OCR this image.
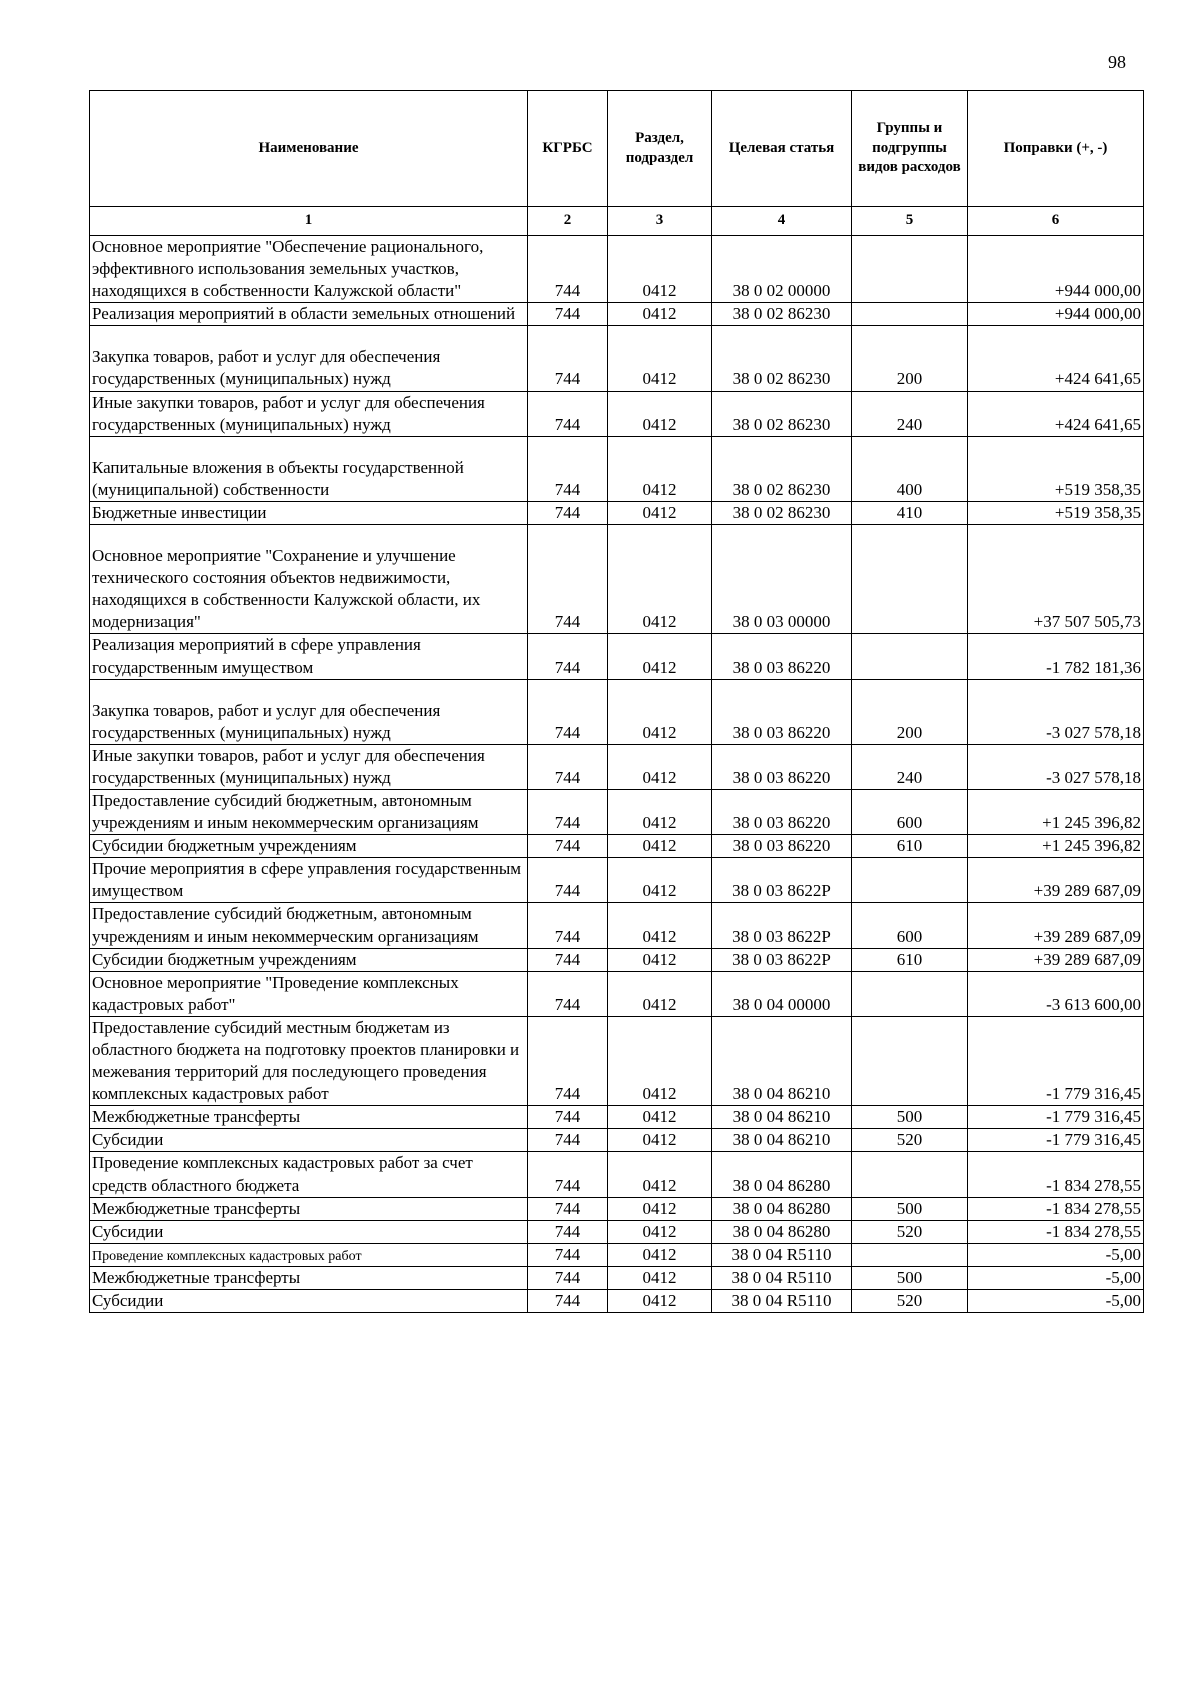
98
Наименование	КГРБС	Раздел, подраздел	Целевая статья	Группы и подгруппы видов расходов	Поправки (+, -)
1	2	3	4	5	6
Основное мероприятие "Обеспечение рационального, эффективного использования земельных участков, находящихся в собственности Калужской области"	744	0412	38 0 02 00000		+944 000,00
Реализация мероприятий в области земельных отношений	744	0412	38 0 02 86230		+944 000,00
Закупка товаров, работ и услуг для обеспечения государственных (муниципальных) нужд	744	0412	38 0 02 86230	200	+424 641,65
Иные закупки товаров, работ и услуг для обеспечения государственных (муниципальных) нужд	744	0412	38 0 02 86230	240	+424 641,65
Капитальные вложения в объекты государственной (муниципальной) собственности	744	0412	38 0 02 86230	400	+519 358,35
Бюджетные инвестиции	744	0412	38 0 02 86230	410	+519 358,35
Основное мероприятие "Сохранение и улучшение технического состояния объектов недвижимости, находящихся в собственности Калужской области, их модернизация"	744	0412	38 0 03 00000		+37 507 505,73
Реализация мероприятий в сфере управления государственным имуществом	744	0412	38 0 03 86220		-1 782 181,36
Закупка товаров, работ и услуг для обеспечения государственных (муниципальных) нужд	744	0412	38 0 03 86220	200	-3 027 578,18
Иные закупки товаров, работ и услуг для обеспечения государственных (муниципальных) нужд	744	0412	38 0 03 86220	240	-3 027 578,18
Предоставление субсидий бюджетным, автономным учреждениям и иным некоммерческим организациям	744	0412	38 0 03 86220	600	+1 245 396,82
Субсидии бюджетным учреждениям	744	0412	38 0 03 86220	610	+1 245 396,82
Прочие мероприятия в сфере управления государственным имуществом	744	0412	38 0 03 8622Р		+39 289 687,09
Предоставление субсидий бюджетным, автономным учреждениям и иным некоммерческим организациям	744	0412	38 0 03 8622Р	600	+39 289 687,09
Субсидии бюджетным учреждениям	744	0412	38 0 03 8622Р	610	+39 289 687,09
Основное мероприятие "Проведение комплексных кадастровых работ"	744	0412	38 0 04 00000		-3 613 600,00
Предоставление субсидий местным бюджетам из областного бюджета на подготовку проектов планировки и межевания территорий для последующего проведения комплексных кадастровых работ	744	0412	38 0 04 86210		-1 779 316,45
Межбюджетные трансферты	744	0412	38 0 04 86210	500	-1 779 316,45
Субсидии	744	0412	38 0 04 86210	520	-1 779 316,45
Проведение комплексных кадастровых работ за счет средств областного бюджета	744	0412	38 0 04 86280		-1 834 278,55
Межбюджетные трансферты	744	0412	38 0 04 86280	500	-1 834 278,55
Субсидии	744	0412	38 0 04 86280	520	-1 834 278,55
Проведение комплексных кадастровых работ	744	0412	38 0 04 R5110		-5,00
Межбюджетные трансферты	744	0412	38 0 04 R5110	500	-5,00
Субсидии	744	0412	38 0 04 R5110	520	-5,00
